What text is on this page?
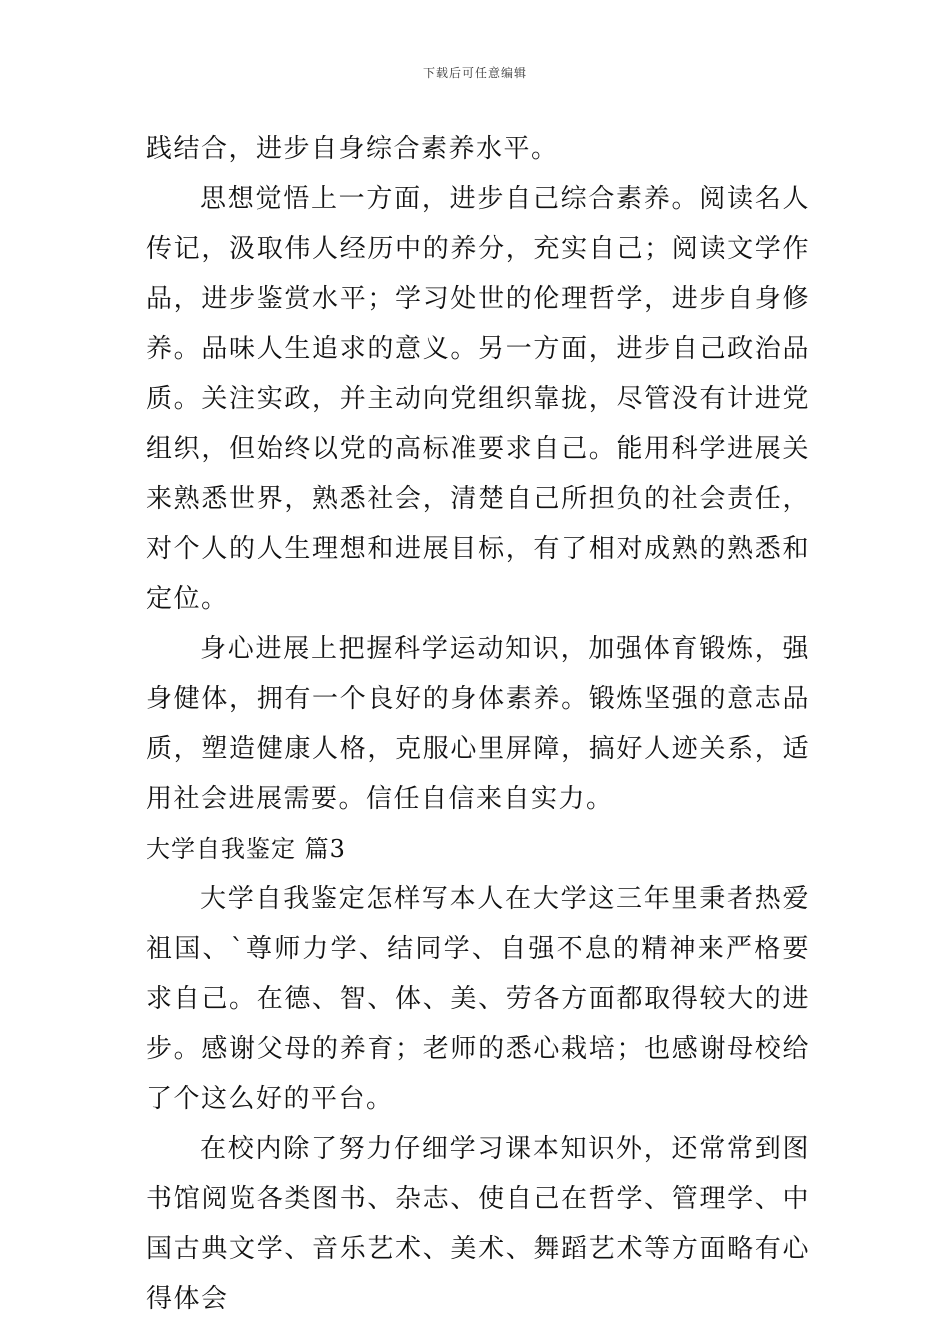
下载后可任意编辑

践结合，进步自身综合素养水平。

思想觉悟上一方面，进步自己综合素养。阅读名人传记，汲取伟人经历中的养分，充实自己；阅读文学作品，进步鉴赏水平；学习处世的伦理哲学，进步自身修养。品味人生追求的意义。另一方面，进步自己政治品质。关注实政，并主动向党组织靠拢，尽管没有计进党组织，但始终以党的高标准要求自己。能用科学进展关来熟悉世界，熟悉社会，清楚自己所担负的社会责任，对个人的人生理想和进展目标，有了相对成熟的熟悉和定位。

身心进展上把握科学运动知识，加强体育锻炼，强身健体，拥有一个良好的身体素养。锻炼坚强的意志品质，塑造健康人格，克服心里屏障，搞好人迹关系，适用社会进展需要。信任自信来自实力。

大学自我鉴定 篇3

大学自我鉴定怎样写本人在大学这三年里秉者热爱祖国、`尊师力学、结同学、自强不息的精神来严格要求自己。在德、智、体、美、劳各方面都取得较大的进步。感谢父母的养育；老师的悉心栽培；也感谢母校给了个这么好的平台。

在校内除了努力仔细学习课本知识外，还常常到图书馆阅览各类图书、杂志、使自己在哲学、管理学、中国古典文学、音乐艺术、美术、舞蹈艺术等方面略有心得体会
